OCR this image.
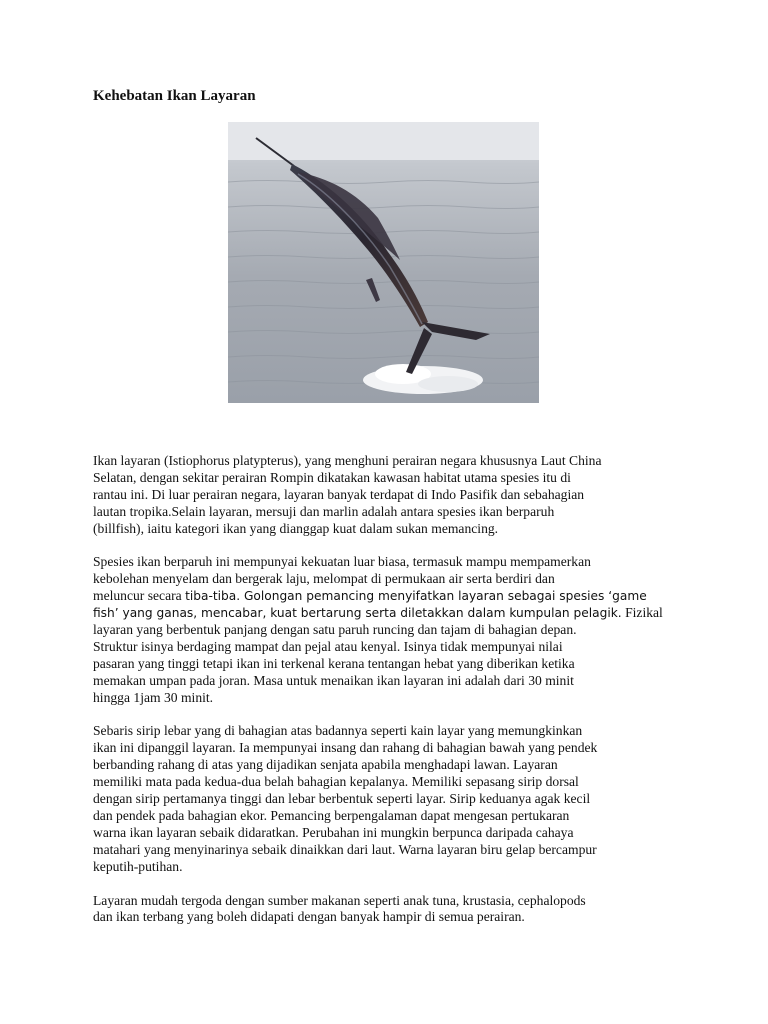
Kehebatan Ikan Layaran

Ikan layaran (Istiophorus platypterus), yang menghuni perairan negara khususnya Laut China
Selatan, dengan sekitar perairan Rompin dikatakan kawasan habitat utama spesies itu di
rantau ini. Di luar perairan negara, layaran banyak terdapat di Indo Pasifik dan sebahagian
lautan tropika.Selain layaran, mersuji dan marlin adalah antara spesies ikan berparuh
(billfish), iaitu kategori ikan yang dianggap kuat dalam sukan memancing.

Spesies ikan berparuh ini mempunyai kekuatan luar biasa, termasuk mampu mempamerkan
kebolehan menyelam dan bergerak laju, melompat di permukaan air serta berdiri dan
meluncur secara tiba-tiba. Golongan pemancing menyifatkan layaran sebagai spesies ‘game
fish’ yang ganas, mencabar, kuat bertarung serta diletakkan dalam kumpulan pelagik. Fizikal
layaran yang berbentuk panjang dengan satu paruh runcing dan tajam di bahagian depan.
Struktur isinya berdaging mampat dan pejal atau kenyal. Isinya tidak mempunyai nilai
pasaran yang tinggi tetapi ikan ini terkenal kerana tentangan hebat yang diberikan ketika
memakan umpan pada joran. Masa untuk menaikan ikan layaran ini adalah dari 30 minit
hingga 1jam 30 minit.

Sebaris sirip lebar yang di bahagian atas badannya seperti kain layar yang memungkinkan
ikan ini dipanggil layaran. Ia mempunyai insang dan rahang di bahagian bawah yang pendek
berbanding rahang di atas yang dijadikan senjata apabila menghadapi lawan. Layaran
memiliki mata pada kedua-dua belah bahagian kepalanya. Memiliki sepasang sirip dorsal
dengan sirip pertamanya tinggi dan lebar berbentuk seperti layar. Sirip keduanya agak kecil
dan pendek pada bahagian ekor. Pemancing berpengalaman dapat mengesan pertukaran
warna ikan layaran sebaik didaratkan. Perubahan ini mungkin berpunca daripada cahaya
matahari yang menyinarinya sebaik dinaikkan dari laut. Warna layaran biru gelap bercampur
keputih-putihan.

Layaran mudah tergoda dengan sumber makanan seperti anak tuna, krustasia, cephalopods
dan ikan terbang yang boleh didapati dengan banyak hampir di semua perairan.
